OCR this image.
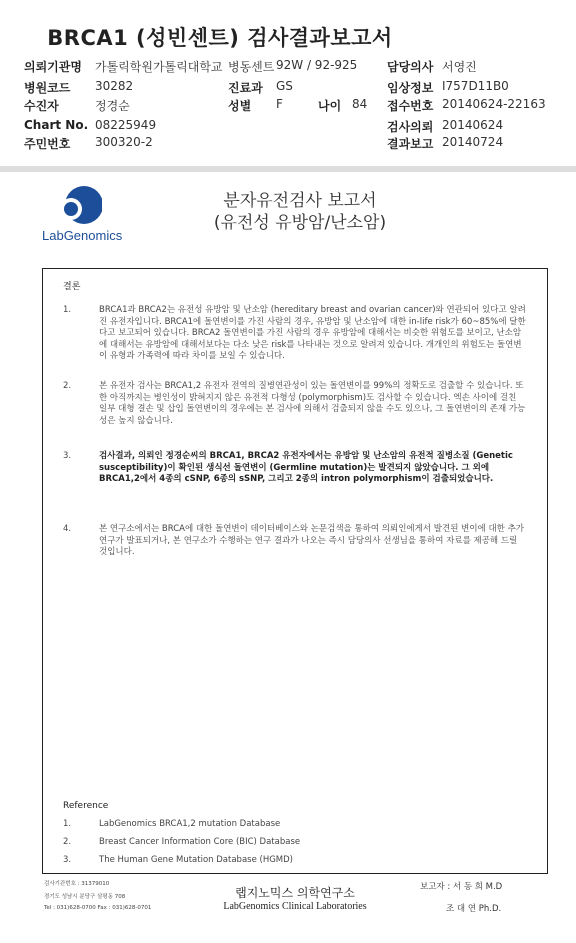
BRCA1 (성빈센트) 검사결과보고서
의뢰기관명 가톨릭학원가톨릭대학교 병동센트 92W / 92-925 담당의사 서영진
병원코드 30282	진료과 GS	임상정보 I757D11B0
수진자	정경순	성별 F	나이 84 접수번호 20140624-22163
Chart No. 08225949	검사의뢰 20140624
주민번호 300320-2	결과보고 20140724
LabGenomics
분자유전검사 보고서
(유전성 유방암/난소암)
결론
1.	BRCA1과 BRCA2는 유전성 유방암 및 난소암 (hereditary breast and ovarian cancer)와 연관되어 있다고 알려진 유전자입니다. BRCA1에 돌연변이를 가진 사람의 경우, 유방암 및 난소암에 대한 in-life risk가 60~85%에 달한다고 보고되어 있습니다. BRCA2 돌연변이를 가진 사람의 경우 유방암에 대해서는 비슷한 위험도를 보이고, 난소암에 대해서는 유방암에 대해서보다는 다소 낮은 risk를 나타내는 것으로 알려져 있습니다. 개개인의 위험도는 돌연변이 유형과 가족력에 따라 차이를 보일 수 있습니다.
2.	본 유전자 검사는 BRCA1,2 유전자 전역의 질병연관성이 있는 돌연변이를 99%의 정확도로 검출할 수 있습니다. 또한 아직까지는 병인성이 밝혀지지 않은 유전적 다형성 (polymorphism)도 검사할 수 있습니다. 엑손 사이에 걸친 일부 대형 결손 및 삽입 돌연변이의 경우에는 본 검사에 의해서 검출되지 않을 수도 있으나, 그 돌연변이의 존재 가능성은 높지 않습니다.
3.	검사결과, 의뢰인 정경순씨의 BRCA1, BRCA2 유전자에서는 유방암 및 난소암의 유전적 질병소질 (Genetic susceptibility)이 확인된 생식선 돌연변이 (Germline mutation)는 발견되지 않았습니다. 그 외에 BRCA1,2에서 4종의 cSNP, 6종의 sSNP, 그리고 2종의 intron polymorphism이 검출되었습니다.
4.	본 연구소에서는 BRCA에 대한 돌연변이 데이터베이스와 논문검색을 통하여 의뢰인에게서 발견된 변이에 대한 추가 연구가 발표되거나, 본 연구소가 수행하는 연구 결과가 나오는 즉시 담당의사 선생님을 통하여 자료를 제공해 드릴 것입니다.
Reference
1.	LabGenomics BRCA1,2 mutation Database
2.	Breast Cancer Information Core (BIC) Database
3.	The Human Gene Mutation Database (HGMD)
검사기관번호 : 31379010
경기도 성남시 분당구 삼평동 708
Tel : 031)628-0700 Fax : 031)628-0701
랩지노믹스 의학연구소
LabGenomics Clinical Laboratories
보고자 : 서 동 희 M.D
조 대 연 Ph.D.
